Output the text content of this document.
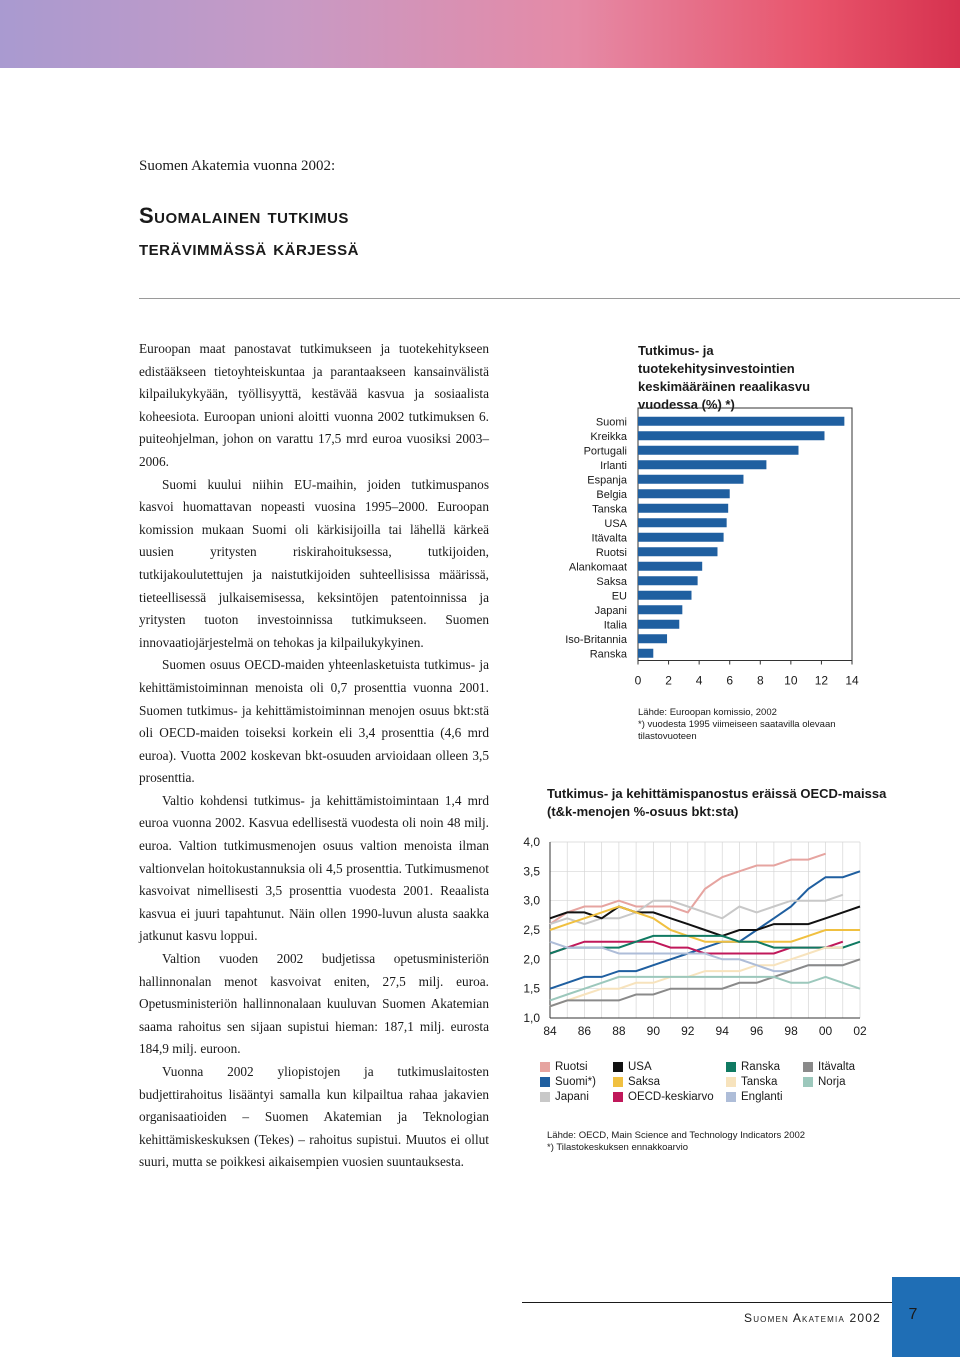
Suomen Akatemia vuonna 2002:
Suomalainen tutkimus
terävimmässä kärjessä

Euroopan maat panostavat tutkimukseen ja tuotekehitykseen edistääkseen tietoyhteiskuntaa ja parantaakseen kansainvälistä kilpailukykyään, työllisyyttä, kestävää kasvua ja sosiaalista koheesiota. Euroopan unioni aloitti vuonna 2002 tutkimuksen 6. puiteohjelman, johon on varattu 17,5 mrd euroa vuosiksi 2003–2006.

Suomi kuului niihin EU-maihin, joiden tutkimuspanos kasvoi huomattavan nopeasti vuosina 1995–2000. Euroopan komission mukaan Suomi oli kärkisijoilla tai lähellä kärkeä uusien yritysten riskirahoituksessa, tutkijoiden, tutkijakoulutettujen ja naistutkijoiden suhteellisissa määrissä, tieteellisessä julkaisemisessa, keksintöjen patentoinnissa ja yritysten tuoton investoinnissa tutkimukseen. Suomen innovaatiojärjestelmä on tehokas ja kilpailukykyinen.

Suomen osuus OECD-maiden yhteenlasketuista tutkimus- ja kehittämistoiminnan menoista oli 0,7 prosenttia vuonna 2001. Suomen tutkimus- ja kehittämistoiminnan menojen osuus bkt:stä oli OECD-maiden toiseksi korkein eli 3,4 prosenttia (4,6 mrd euroa). Vuotta 2002 koskevan bkt-osuuden arvioidaan olleen 3,5 prosenttia.

Valtio kohdensi tutkimus- ja kehittämistoimintaan 1,4 mrd euroa vuonna 2002. Kasvua edellisestä vuodesta oli noin 48 milj. euroa. Valtion tutkimusmenojen osuus valtion menoista ilman valtionvelan hoitokustannuksia oli 4,5 prosenttia. Tutkimusmenot kasvoivat nimellisesti 3,5 prosenttia vuodesta 2001. Reaalista kasvua ei juuri tapahtunut. Näin ollen 1990-luvun alusta saakka jatkunut kasvu loppui.

Valtion vuoden 2002 budjetissa opetusministeriön hallinnonalan menot kasvoivat eniten, 27,5 milj. euroa. Opetusministeriön hallinnonalaan kuuluvan Suomen Akatemian saama rahoitus sen sijaan supistui hieman: 187,1 milj. eurosta 184,9 milj. euroon.

Vuonna 2002 yliopistojen ja tutkimuslaitosten budjettirahoitus lisääntyi samalla kun kilpailtua rahaa jakavien organisaatioiden – Suomen Akatemian ja Teknologian kehittämiskeskuksen (Tekes) – rahoitus supistui. Muutos ei ollut suuri, mutta se poikkesi aikaisempien vuosien suuntauksesta.

Tutkimus- ja tuotekehitysinvestointien keskimääräinen reaalikasvu vuodessa (%) *)
0 2 4 6 8 10 12 14
Suomi
Kreikka
Portugali
Irlanti
Espanja
Belgia
Tanska
USA
Itävalta
Ruotsi
Alankomaat
Saksa
EU
Japani
Italia
Iso-Britannia
Ranska
Lähde: Euroopan komissio, 2002
*) vuodesta 1995 viimeiseen saatavilla olevaan tilastovuoteen
Tutkimus- ja kehittämispanostus eräissä OECD-maissa (t&k-menojen %-osuus bkt:sta)
4,0
3,5
3,0
2,5
2,0
1,5
1,0
84 86 88 90 92 94 96 98 00 02
Ruotsi	USA	Ranska	Itävalta
Suomi*)	Saksa	Tanska	Norja
Japani	OECD-keskiarvo Englanti
Lähde: OECD, Main Science and Technology Indicators 2002
*) Tilastokeskuksen ennakkoarvio
Suomen Akatemia 2002	7
